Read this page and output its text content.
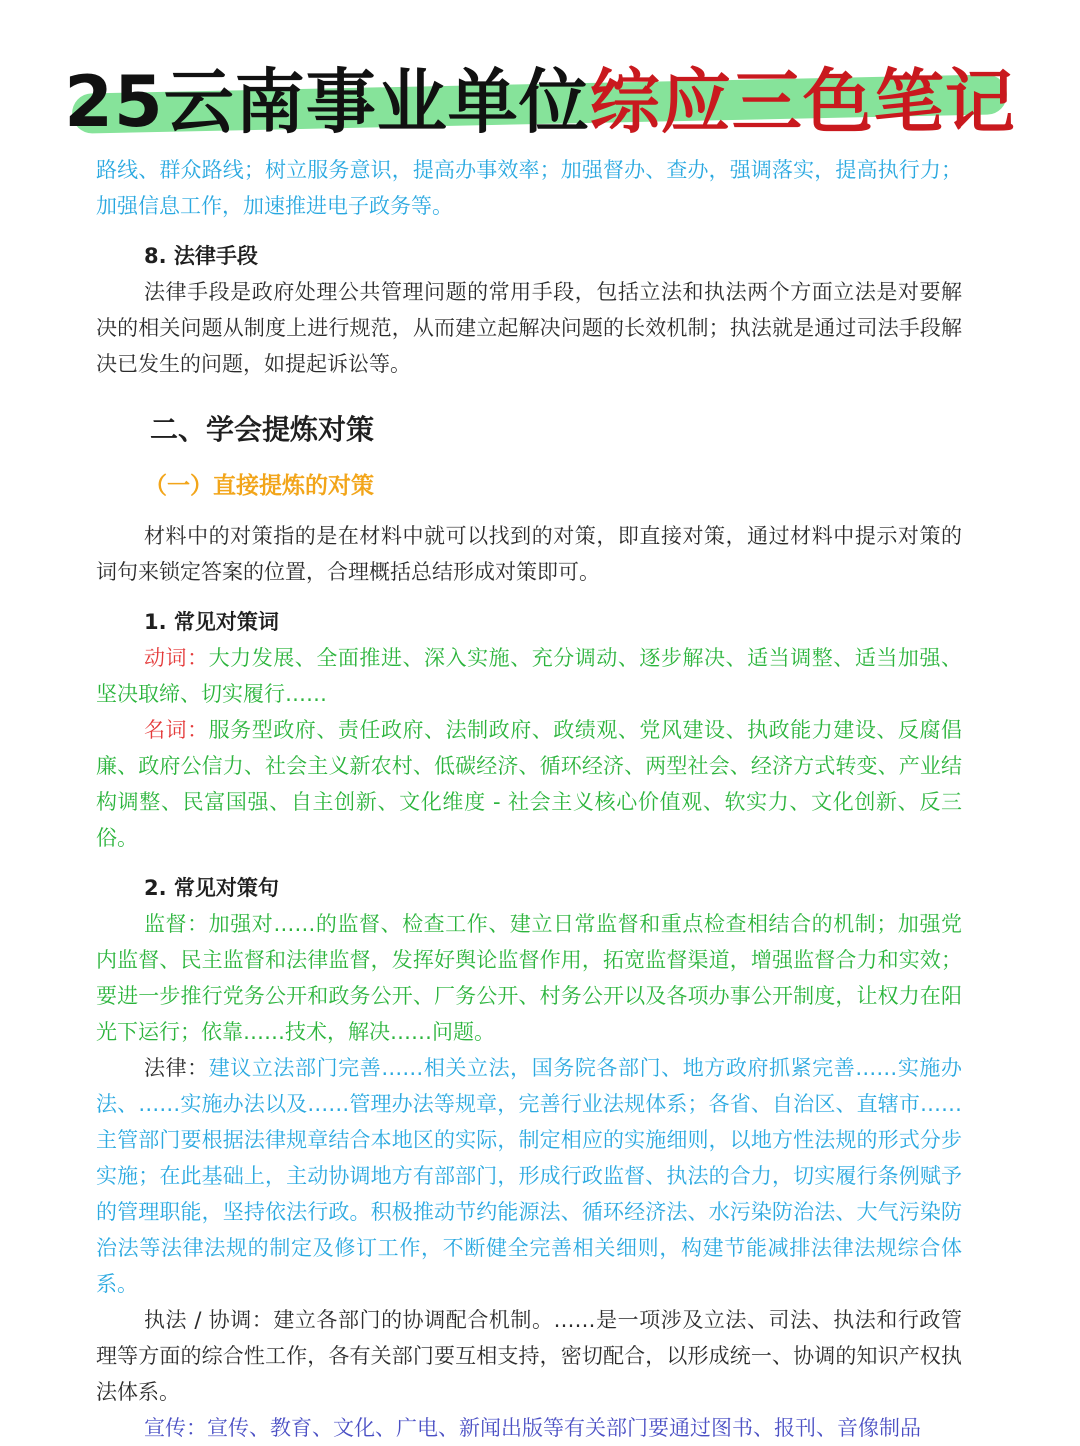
25云南事业单位综应三色笔记

路线、群众路线；树立服务意识，提高办事效率；加强督办、查办，强调落实，提高执行力；加强信息工作，加速推进电子政务等。

8. 法律手段

法律手段是政府处理公共管理问题的常用手段，包括立法和执法两个方面立法是对要解决的相关问题从制度上进行规范，从而建立起解决问题的长效机制；执法就是通过司法手段解决已发生的问题，如提起诉讼等。

二、学会提炼对策
（一）直接提炼的对策

材料中的对策指的是在材料中就可以找到的对策，即直接对策，通过材料中提示对策的词句来锁定答案的位置，合理概括总结形成对策即可。

1. 常见对策词

动词：大力发展、全面推进、深入实施、充分调动、逐步解决、适当调整、适当加强、坚决取缔、切实履行……

名词：服务型政府、责任政府、法制政府、政绩观、党风建设、执政能力建设、反腐倡廉、政府公信力、社会主义新农村、低碳经济、循环经济、两型社会、经济方式转变、产业结构调整、民富国强、自主创新、文化维度 - 社会主义核心价值观、软实力、文化创新、反三俗。

2. 常见对策句

监督：加强对……的监督、检查工作、建立日常监督和重点检查相结合的机制；加强党内监督、民主监督和法律监督，发挥好舆论监督作用，拓宽监督渠道，增强监督合力和实效；要进一步推行党务公开和政务公开、厂务公开、村务公开以及各项办事公开制度，让权力在阳光下运行；依靠……技术，解决……问题。

法律：建议立法部门完善……相关立法，国务院各部门、地方政府抓紧完善……实施办法、……实施办法以及……管理办法等规章，完善行业法规体系；各省、自治区、直辖市……主管部门要根据法律规章结合本地区的实际，制定相应的实施细则，以地方性法规的形式分步实施；在此基础上，主动协调地方有部部门，形成行政监督、执法的合力，切实履行条例赋予的管理职能，坚持依法行政。积极推动节约能源法、循环经济法、水污染防治法、大气污染防治法等法律法规的制定及修订工作，不断健全完善相关细则，构建节能减排法律法规综合体系。

执法 / 协调：建立各部门的协调配合机制。……是一项涉及立法、司法、执法和行政管理等方面的综合性工作，各有关部门要互相支持，密切配合，以形成统一、协调的知识产权执法体系。

宣传：宣传、教育、文化、广电、新闻出版等有关部门要通过图书、报刊、音像制品
